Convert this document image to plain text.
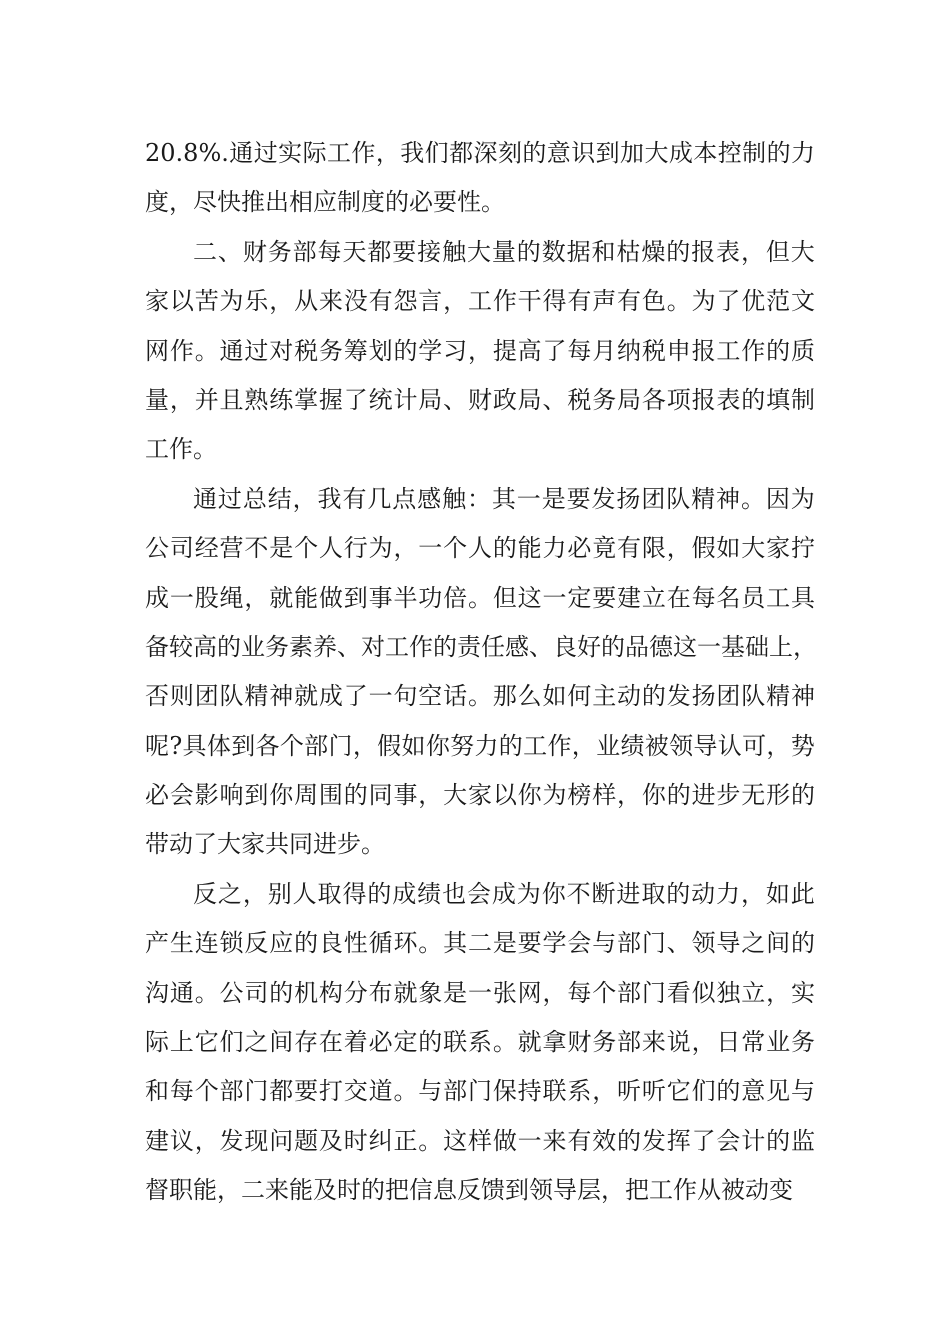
20.8%. 通 过 实 际 工 作 ， 我 们 都 深 刻 的 意 识 到 加 大 成 本 控 制 的 力
度，尽快推出相应制度的必要性。
二 、 财 务 部 每 天 都 要 接 触 大 量 的 数 据 和 枯 燥 的 报 表 ， 但 大
家 以 苦 为 乐 ， 从 来 没 有 怨 言 ， 工 作 干 得 有 声 有 色 。 为 了 优 范 文
网 作 。 通 过 对 税 务 筹 划 的 学 习 ， 提 高 了 每 月 纳 税 申 报 工 作 的 质
量 ， 并 且 熟 练 掌 握 了 统 计 局 、 财 政 局 、 税 务 局 各 项 报 表 的 填 制
工作。
通 过 总 结 ， 我 有 几 点 感 触 ： 其 一 是 要 发 扬 团 队 精 神 。 因 为
公 司 经 营 不 是 个 人 行 为 ， 一 个 人 的 能 力 必 竟 有 限 ， 假 如 大 家 拧
成 一 股 绳 ， 就 能 做 到 事 半 功 倍 。 但 这 一 定 要 建 立 在 每 名 员 工 具
备 较 高 的 业 务 素 养 、 对 工 作 的 责 任 感 、 良 好 的 品 德 这 一 基 础 上 ，
否 则 团 队 精 神 就 成 了 一 句 空 话 。 那 么 如 何 主 动 的 发 扬 团 队 精 神
呢 ? 具 体 到 各 个 部 门 ， 假 如 你 努 力 的 工 作 ， 业 绩 被 领 导 认 可 ， 势
必 会 影 响 到 你 周 围 的 同 事 ， 大 家 以 你 为 榜 样 ， 你 的 进 步 无 形 的
带动了大家共同进步。
反 之 ， 别 人 取 得 的 成 绩 也 会 成 为 你 不 断 进 取 的 动 力 ， 如 此
产 生 连 锁 反 应 的 良 性 循 环 。 其 二 是 要 学 会 与 部 门 、 领 导 之 间 的
沟 通 。 公 司 的 机 构 分 布 就 象 是 一 张 网 ， 每 个 部 门 看 似 独 立 ， 实
际 上 它 们 之 间 存 在 着 必 定 的 联 系 。 就 拿 财 务 部 来 说 ， 日 常 业 务
和 每 个 部 门 都 要 打 交 道 。 与 部 门 保 持 联 系 ， 听 听 它 们 的 意 见 与
建 议 ， 发 现 问 题 及 时 纠 正 。 这 样 做 一 来 有 效 的 发 挥 了 会 计 的 监
督职能，二来能及时的把信息反馈到领导层，把工作从被动变
